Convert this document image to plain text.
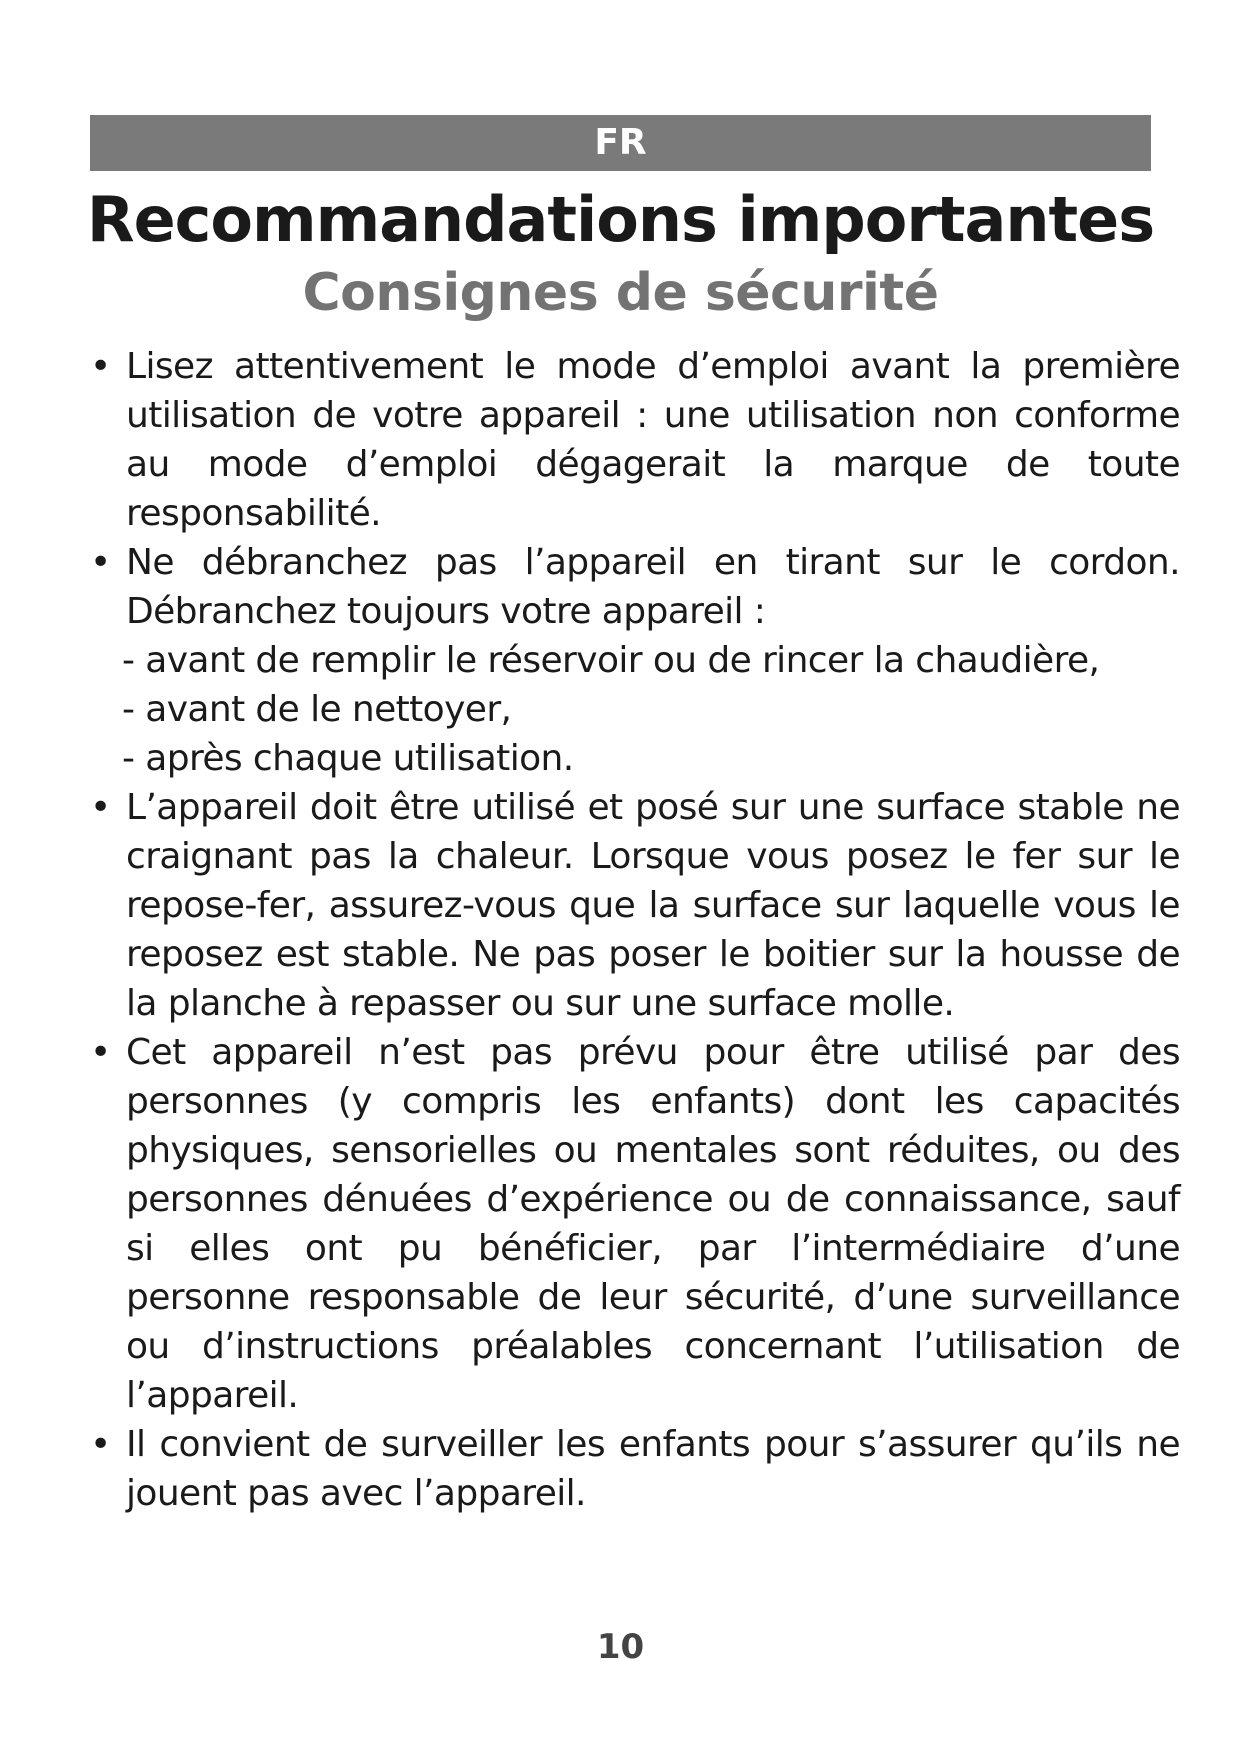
FR
Recommandations importantes
Consignes de sécurité
• Lisez attentivement le mode d’emploi avant la première utilisation de votre appareil : une utilisation non conforme au mode d’emploi dégagerait la marque de toute responsabilité.
• Ne débranchez pas l’appareil en tirant sur le cordon. Débranchez toujours votre appareil :
- avant de remplir le réservoir ou de rincer la chaudière,
- avant de le nettoyer,
- après chaque utilisation.
• L’appareil doit être utilisé et posé sur une surface stable ne craignant pas la chaleur. Lorsque vous posez le fer sur le repose-fer, assurez-vous que la surface sur laquelle vous le reposez est stable. Ne pas poser le boitier sur la housse de la planche à repasser ou sur une surface molle.
• Cet appareil n’est pas prévu pour être utilisé par des personnes (y compris les enfants) dont les capacités physiques, sensorielles ou mentales sont réduites, ou des personnes dénuées d’expérience ou de connaissance, sauf si elles ont pu bénéficier, par l’intermédiaire d’une personne responsable de leur sécurité, d’une surveillance ou d’instructions préalables concernant l’utilisation de l’appareil.
• Il convient de surveiller les enfants pour s’assurer qu’ils ne jouent pas avec l’appareil.
10
